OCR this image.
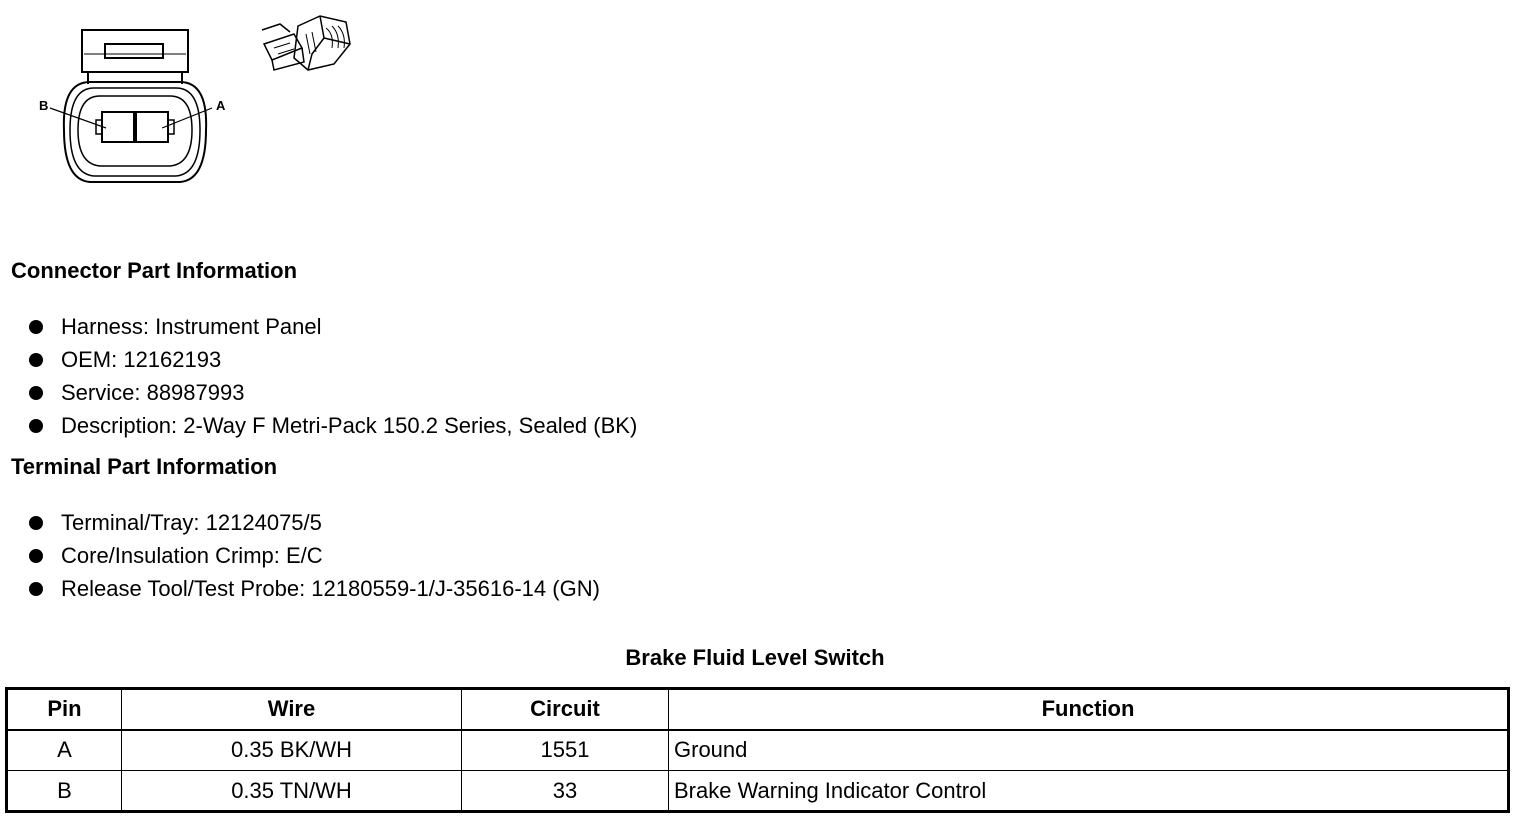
B	A
Connector Part Information
Harness: Instrument Panel
OEM: 12162193
Service: 88987993
Description: 2-Way F Metri-Pack 150.2 Series, Sealed (BK)
Terminal Part Information
Terminal/Tray: 12124075/5
Core/Insulation Crimp: E/C
Release Tool/Test Probe: 12180559-1/J-35616-14 (GN)
Brake Fluid Level Switch
Pin	Wire	Circuit	Function
A	0.35 BK/WH	1551	Ground
B	0.35 TN/WH	33	Brake Warning Indicator Control
